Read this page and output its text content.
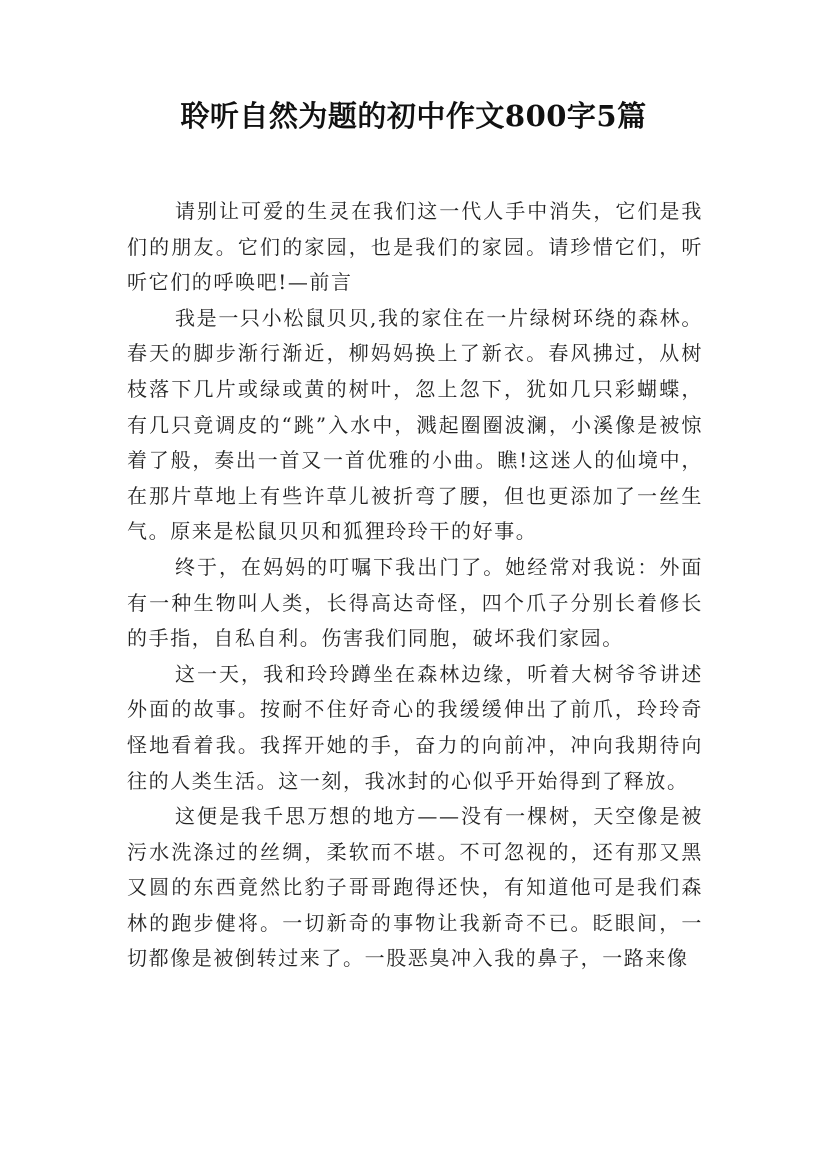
聆听自然为题的初中作文800字5篇

请别让可爱的生灵在我们这一代人手中消失，它们是我们的朋友。它们的家园，也是我们的家园。请珍惜它们，听听它们的呼唤吧!—前言

我是一只小松鼠贝贝,我的家住在一片绿树环绕的森林。春天的脚步渐行渐近，柳妈妈换上了新衣。春风拂过，从树枝落下几片或绿或黄的树叶，忽上忽下，犹如几只彩蝴蝶，有几只竟调皮的“跳”入水中，溅起圈圈波澜，小溪像是被惊着了般，奏出一首又一首优雅的小曲。瞧!这迷人的仙境中，在那片草地上有些许草儿被折弯了腰，但也更添加了一丝生气。原来是松鼠贝贝和狐狸玲玲干的好事。

终于，在妈妈的叮嘱下我出门了。她经常对我说：外面有一种生物叫人类，长得高达奇怪，四个爪子分别长着修长的手指，自私自利。伤害我们同胞，破坏我们家园。

这一天，我和玲玲蹲坐在森林边缘，听着大树爷爷讲述外面的故事。按耐不住好奇心的我缓缓伸出了前爪，玲玲奇怪地看着我。我挥开她的手，奋力的向前冲，冲向我期待向往的人类生活。这一刻，我冰封的心似乎开始得到了释放。

这便是我千思万想的地方——没有一棵树，天空像是被污水洗涤过的丝绸，柔软而不堪。不可忽视的，还有那又黑又圆的东西竟然比豹子哥哥跑得还快，有知道他可是我们森林的跑步健将。一切新奇的事物让我新奇不已。眨眼间，一切都像是被倒转过来了。一股恶臭冲入我的鼻子，一路来像
